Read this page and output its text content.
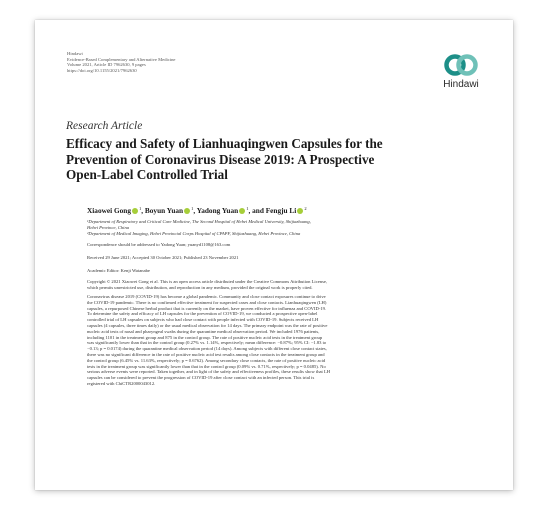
Hindawi
Evidence-Based Complementary and Alternative Medicine
Volume 2021, Article ID 7962630, 9 pages
https://doi.org/10.1155/2021/7962630
Hindawi
Research Article
Efficacy and Safety of Lianhuaqingwen Capsules for the
Prevention of Coronavirus Disease 2019: A Prospective
Open-Label Controlled Trial
Xiaowei Gong $^1$, Boyun Yuan $^1$, Yadong Yuan $^1$, and Fengju Li $^2$
¹Department of Respiratory and Critical Care Medicine, The Second Hospital of Hebei Medical University, Shijiazhuang,
Hebei Province, China
²Department of Medical Imaging, Hebei Provincial Corps Hospital of CPAPF, Shijiazhuang, Hebei Province, China
Correspondence should be addressed to Yadong Yuan; yuanyd1108@163.com
Received 29 June 2021; Accepted 30 October 2021; Published 23 November 2021
Academic Editor: Kenji Watanabe
Copyright © 2021 Xiaowei Gong et al. This is an open access article distributed under the Creative Commons Attribution License,
which permits unrestricted use, distribution, and reproduction in any medium, provided the original work is properly cited.
Coronavirus disease 2019 (COVID-19) has become a global pandemic. Community and close contact exposures continue to drive
the COVID-19 pandemic. There is no confirmed effective treatment for suspected cases and close contacts. Lianhuaqingwen (LH)
capsules, a repurposed Chinese herbal product that is currently on the market, have proven effective for influenza and COVID-19.
To determine the safety and efficacy of LH capsules for the prevention of COVID-19, we conducted a prospective open-label
controlled trial of LH capsules on subjects who had close contact with people infected with COVID-19. Subjects received LH
capsules (4 capsules, three times daily) or the usual medical observation for 14 days. The primary endpoint was the rate of positive
nucleic acid tests of nasal and pharyngeal swabs during the quarantine medical observation period. We included 1976 patients,
including 1101 in the treatment group and 875 in the control group. The rate of positive nucleic acid tests in the treatment group
was significantly lower than that in the control group (0.27% vs. 1.14%, respectively; mean difference: −0.87%; 95% CI: −1.83 to
−0.13; p = 0.0174) during the quarantine medical observation period (14 days). Among subjects with different close contact states,
there was no significant difference in the rate of positive nucleic acid test results among close contacts in the treatment group and
the control group (6.45% vs. 11.63%, respectively; p = 0.6762). Among secondary close contacts, the rate of positive nucleic acid
tests in the treatment group was significantly lower than that in the control group (0.09% vs. 0.71%, respectively; p = 0.0485). No
serious adverse events were reported. Taken together, and in light of the safety and effectiveness profiles, these results show that LH
capsules can be considered to prevent the progression of COVID-19 after close contact with an infected person. This trial is
registered with ChiCTR2000043012.
